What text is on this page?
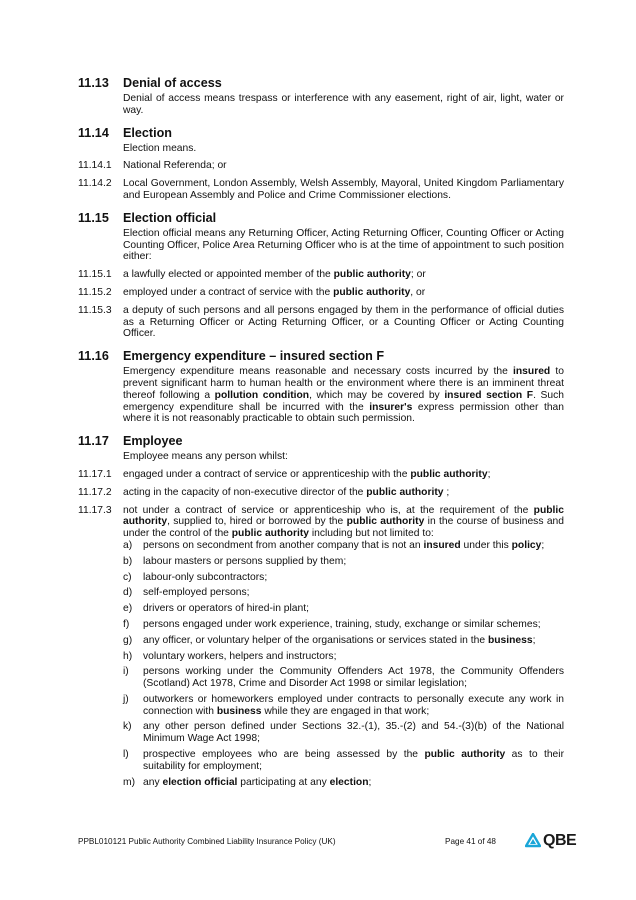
11.13	Denial of access
Denial of access means trespass or interference with any easement, right of air, light, water or way.
11.14	Election
Election means.
11.14.1	National Referenda; or
11.14.2	Local Government, London Assembly, Welsh Assembly, Mayoral, United Kingdom Parliamentary and European Assembly and Police and Crime Commissioner elections.
11.15	Election official
Election official means any Returning Officer, Acting Returning Officer, Counting Officer or Acting Counting Officer, Police Area Returning Officer who is at the time of appointment to such position either:
11.15.1	a lawfully elected or appointed member of the public authority; or
11.15.2	employed under a contract of service with the public authority, or
11.15.3	a deputy of such persons and all persons engaged by them in the performance of official duties as a Returning Officer or Acting Returning Officer, or a Counting Officer or Acting Counting Officer.
11.16	Emergency expenditure – insured section F
Emergency expenditure means reasonable and necessary costs incurred by the insured to prevent significant harm to human health or the environment where there is an imminent threat thereof following a pollution condition, which may be covered by insured section F. Such emergency expenditure shall be incurred with the insurer's express permission other than where it is not reasonably practicable to obtain such permission.
11.17	Employee
Employee means any person whilst:
11.17.1	engaged under a contract of service or apprenticeship with the public authority;
11.17.2	acting in the capacity of non-executive director of the public authority ;
11.17.3	not under a contract of service or apprenticeship who is, at the requirement of the public authority, supplied to, hired or borrowed by the public authority in the course of business and under the control of the public authority including but not limited to:
a)	persons on secondment from another company that is not an insured under this policy;
b)	labour masters or persons supplied by them;
c)	labour-only subcontractors;
d)	self-employed persons;
e)	drivers or operators of hired-in plant;
f)	persons engaged under work experience, training, study, exchange or similar schemes;
g)	any officer, or voluntary helper of the organisations or services stated in the business;
h)	voluntary workers, helpers and instructors;
i)	persons working under the Community Offenders Act 1978, the Community Offenders (Scotland) Act 1978, Crime and Disorder Act 1998 or similar legislation;
j)	outworkers or homeworkers employed under contracts to personally execute any work in connection with business while they are engaged in that work;
k)	any other person defined under Sections 32.-(1), 35.-(2) and 54.-(3)(b) of the National Minimum Wage Act 1998;
l)	prospective employees who are being assessed by the public authority as to their suitability for employment;
m) any election official participating at any election;
PPBL010121 Public Authority Combined Liability Insurance Policy (UK)	Page 41 of 48	QBE
